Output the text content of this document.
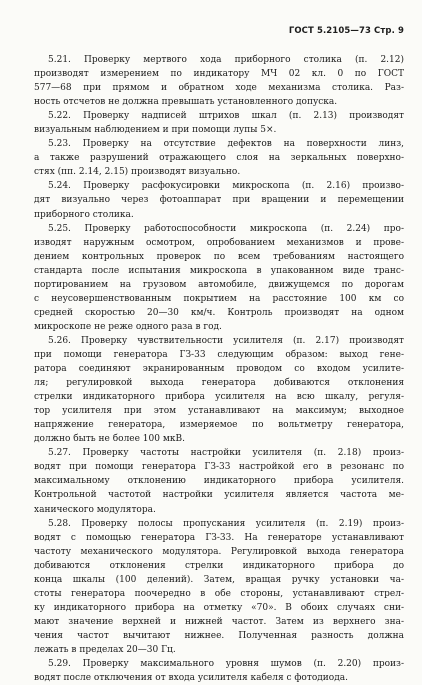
ГОСТ 5.2105—73 Стр. 9
5.21. Проверку мертвого хода приборного столика (п. 2.12)
производят измерением по индикатору МЧ 02 кл. 0 по ГОСТ
577—68 при прямом и обратном ходе механизма столика. Раз-
ность отсчетов не должна превышать установленного допуска.
5.22. Проверку надписей штрихов шкал (п. 2.13) производят
визуальным наблюдением и при помощи лупы 5×.
5.23. Проверку на отсутствие дефектов на поверхности линз,
а также разрушений отражающего слоя на зеркальных поверхно-
стях (пп. 2.14, 2.15) производят визуально.
5.24. Проверку расфокусировки микроскопа (п. 2.16) произво-
дят визуально через фотоаппарат при вращении и перемещении
приборного столика.
5.25. Проверку работоспособности микроскопа (п. 2.24) про-
изводят наружным осмотром, опробованием механизмов и прове-
дением контрольных проверок по всем требованиям настоящего
стандарта после испытания микроскопа в упакованном виде транс-
портированием на грузовом автомобиле, движущемся по дорогам
с неусовершенствованным покрытием на расстояние 100 км со
средней скоростью 20—30 км/ч. Контроль производят на одном
микроскопе не реже одного раза в год.
5.26. Проверку чувствительности усилителя (п. 2.17) производят
при помощи генератора ГЗ-33 следующим образом: выход гене-
ратора соединяют экранированным проводом со входом усилите-
ля; регулировкой выхода генератора добиваются отклонения
стрелки индикаторного прибора усилителя на всю шкалу, регуля-
тор усилителя при этом устанавливают на максимум; выходное
напряжение генератора, измеряемое по вольтметру генератора,
должно быть не более 100 мкВ.
5.27. Проверку частоты настройки усилителя (п. 2.18) произ-
водят при помощи генератора ГЗ-33 настройкой его в резонанс по
максимальному отклонению индикаторного прибора усилителя.
Контрольной частотой настройки усилителя является частота ме-
ханического модулятора.
5.28. Проверку полосы пропускания усилителя (п. 2.19) произ-
водят с помощью генератора ГЗ-33. На генераторе устанавливают
частоту механического модулятора. Регулировкой выхода генератора
добиваются отклонения стрелки индикаторного прибора до
конца шкалы (100 делений). Затем, вращая ручку установки ча-
стоты генератора поочередно в обе стороны, устанавливают стрел-
ку индикаторного прибора на отметку «70». В обоих случаях сни-
мают значение верхней и нижней частот. Затем из верхнего зна-
чения частот вычитают нижнее. Полученная разность должна
лежать в пределах 20—30 Гц.
5.29. Проверку максимального уровня шумов (п. 2.20) произ-
водят после отключения от входа усилителя кабеля с фотодиода.
